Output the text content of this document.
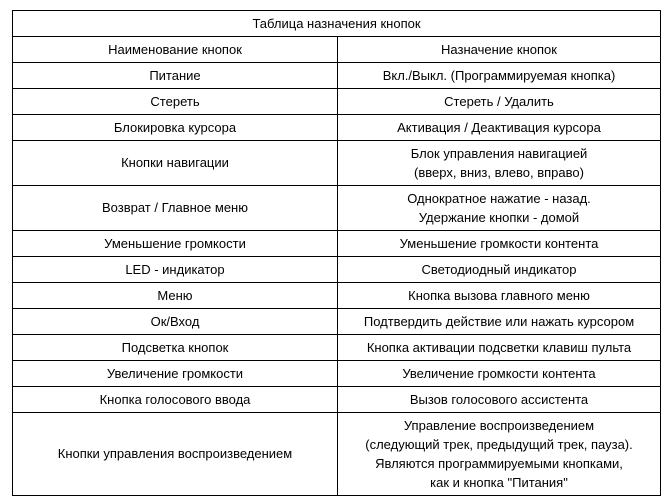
Таблица назначения кнопок	
Наименование кнопок	Назначение кнопок
Питание	Вкл./Выкл. (Программируемая кнопка)
Стереть	Стереть / Удалить
Блокировка курсора	Активация / Деактивация курсора
Кнопки навигации	Блок управления навигацией
(вверх, вниз, влево, вправо)
Возврат / Главное меню	Однократное нажатие - назад.
Удержание кнопки - домой
Уменьшение громкости	Уменьшение громкости контента
LED - индикатор	Светодиодный индикатор
Меню	Кнопка вызова главного меню
Ок/Вход	Подтвердить действие или нажать курсором
Подсветка кнопок	Кнопка активации подсветки клавиш пульта
Увеличение громкости	Увеличение громкости контента
Кнопка голосового ввода	Вызов голосового ассистента
Кнопки управления воспроизведением	Управление воспроизведением
(следующий трек, предыдущий трек, пауза).
Являются программируемыми кнопками,
как и кнопка "Питания"
